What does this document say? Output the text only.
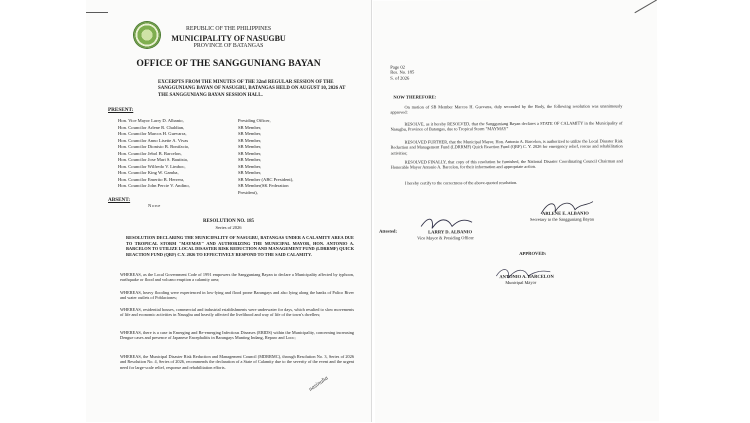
REPUBLIC OF THE PHILIPPINES
MUNICIPALITY OF NASUGBU
PROVINCE OF BATANGAS
OFFICE OF THE SANGGUNIANG BAYAN
EXCERPTS FROM THE MINUTES OF THE 32nd REGULAR SESSION OF THE
SANGGUNIANG BAYAN OF NASUGBU, BATANGAS HELD ON AUGUST 10, 2026 AT
THE SANGGUNIANG BAYAN SESSION HALL.
PRESENT:
Hon. Vice Mayor Larry D. Albanio,	Presiding Officer,
Hon. Councilor Arlene R. Chaldian,	SB Member,
Hon. Councilor Marcos H. Guevarra,	SB Member,
Hon. Councilor Anno Lisette A. Vivas	SB Member,
Hon. Councilor Dionisio B. Bonifacio,	SB Member,
Hon. Councilor Jebol B. Barcelon,	SB Member,
Hon. Councilor Jose Mari S. Bautista,	SB Member,
Hon. Councilor Wilfredo V. Limboc,	SB Member,
Hon. Councilor King W. Gamba,	SB Member,
Hon. Councilor Emerito B. Herrera,	SB Member (ABC President),
Hon. Councilor John Percie V. Andino,	SB Member(SK Federation
President),
ABSENT:
None
RESOLUTION NO. 185
Series of 2026
RESOLUTION DECLARING THE MUNICIPALITY OF NASUGBU, BATANGAS UNDER A CALAMITY AREA DUE TO TROPICAL STORM "MAYMAY" AND AUTHORIZING THE MUNICIPAL MAYOR, HON. ANTONIO A. BARCELON TO UTILIZE LOCAL DISASTER RISK REDUCTION AND MANAGEMENT FUND (LDRRMF) QUICK REACTION FUND (QRF) C.Y. 2026 TO EFFECTIVELY RESPOND TO THE SAID CALAMITY.
WHEREAS, as the Local Government Code of 1991 empowers the Sangguniang Bayan to declare a Municipality affected by typhoon, earthquake or flood and volcano eruption a calamity area;
WHEREAS, heavy flooding were experienced in low-lying and flood prone Barangays and also lying along the banks of Palico River and water outlets of Poblaciones;
WHEREAS, residential houses, commercial and industrial establishments were underwater for days, which resulted to slow movements of life and economic activities in Nasugbu and heavily affected the livelihood and way of life of the town's dwellers;
WHEREAS, there is a case in Emerging and Re-emerging Infectious Diseases (ERIDS) within the Municipality, concerning increasing Dengue cases and presence of Japanese Encephalitis in Barangays Munting Indang, Reparo and Looc;
WHEREAS, the Municipal Disaster Risk Reduction and Management Council (MDRRMC), through Resolution No. 3, Series of 2026 and Resolution No. 4, Series of 2026, recommends the declaration of a State of Calamity due to the severity of the event and the urgent need for large-scale relief, response and rehabilitation efforts.
nasinuha
Page 02
Res. No. 185
S. of 2026
NOW THEREFORE:
On motion of SB Member Marcos H. Guevarra, duly seconded by the Body, the following resolution was unanimously approved:
RESOLVE, as it hereby RESOLVED, that the Sangguniang Bayan declares a STATE OF CALAMITY in the Municipality of Nasugbu, Province of Batangas, due to Tropical Storm "MAYMAY"
RESOLVED FURTHER, that the Municipal Mayor, Hon. Antonio A. Barcelon, is authorized to utilize the Local Disaster Risk Reduction and Management Fund (LDRRMF) Quick Reaction Fund (QRF) C. Y. 2026 for emergency relief, rescue and rehabilitation activities;
RESOLVED FINALLY, that copy of this resolution be furnished, the National Disaster Coordinating Council Chairman and Honorable Mayor Antonio A. Barcelon, for their information and appropriate action.
I hereby certify to the correctness of the above-quoted resolution.
ARLENE E. ALBANIO
Secretary to the Sangguniang Bayan
Attested:	LARRY D. ALBANIO
Vice Mayor & Presiding Officer
APPROVED:
ANTONIO A. BARCELON
Municipal Mayor
